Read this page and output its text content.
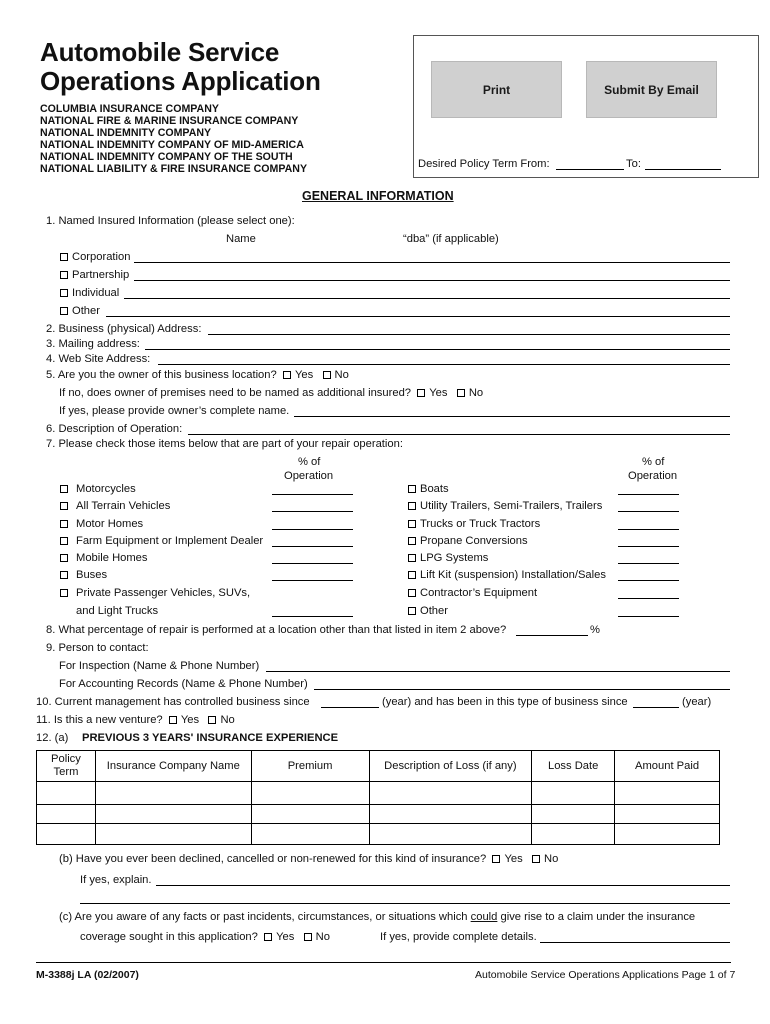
Automobile Service
Operations Application
COLUMBIA INSURANCE COMPANY
NATIONAL FIRE & MARINE INSURANCE COMPANY
NATIONAL INDEMNITY COMPANY
NATIONAL INDEMNITY COMPANY OF MID-AMERICA
NATIONAL INDEMNITY COMPANY OF THE SOUTH
NATIONAL LIABILITY & FIRE INSURANCE COMPANY
Print	Submit By Email
Desired Policy Term From:	To:
GENERAL INFORMATION
1. Named Insured Information (please select one):
Name	“dba” (if applicable)
Corporation
Partnership
Individual
Other
2. Business (physical) Address:
3. Mailing address:
4. Web Site Address:
5. Are you the owner of this business location? Yes No
If no, does owner of premises need to be named as additional insured? Yes No
If yes, please provide owner’s complete name.
6. Description of Operation:
7. Please check those items below that are part of your repair operation:
% of
Operation
% of
Operation
Motorcycles	Boats
All Terrain Vehicles	Utility Trailers, Semi-Trailers, Trailers
Motor Homes	Trucks or Truck Tractors
Farm Equipment or Implement Dealer	Propane Conversions
Mobile Homes	LPG Systems
Buses	Lift Kit (suspension) Installation/Sales
Private Passenger Vehicles, SUVs,	Contractor’s Equipment
and Light Trucks	Other
8. What percentage of repair is performed at a location other than that listed in item 2 above?	%
9. Person to contact:
For Inspection (Name & Phone Number)
For Accounting Records (Name & Phone Number)
10. Current management has controlled business since	(year) and has been in this type of business since	(year)
11. Is this a new venture? Yes No
12. (a) PREVIOUS 3 YEARS' INSURANCE EXPERIENCE
Policy
Term	Insurance Company Name	Premium	Description of Loss (if any)	Loss Date	Amount Paid

(b) Have you ever been declined, cancelled or non-renewed for this kind of insurance? Yes No
If yes, explain.
(c) Are you aware of any facts or past incidents, circumstances, or situations which could give rise to a claim under the insurance
coverage sought in this application? Yes No	If yes, provide complete details.
M-3388j LA (02/2007)	Automobile Service Operations Applications Page 1 of 7
